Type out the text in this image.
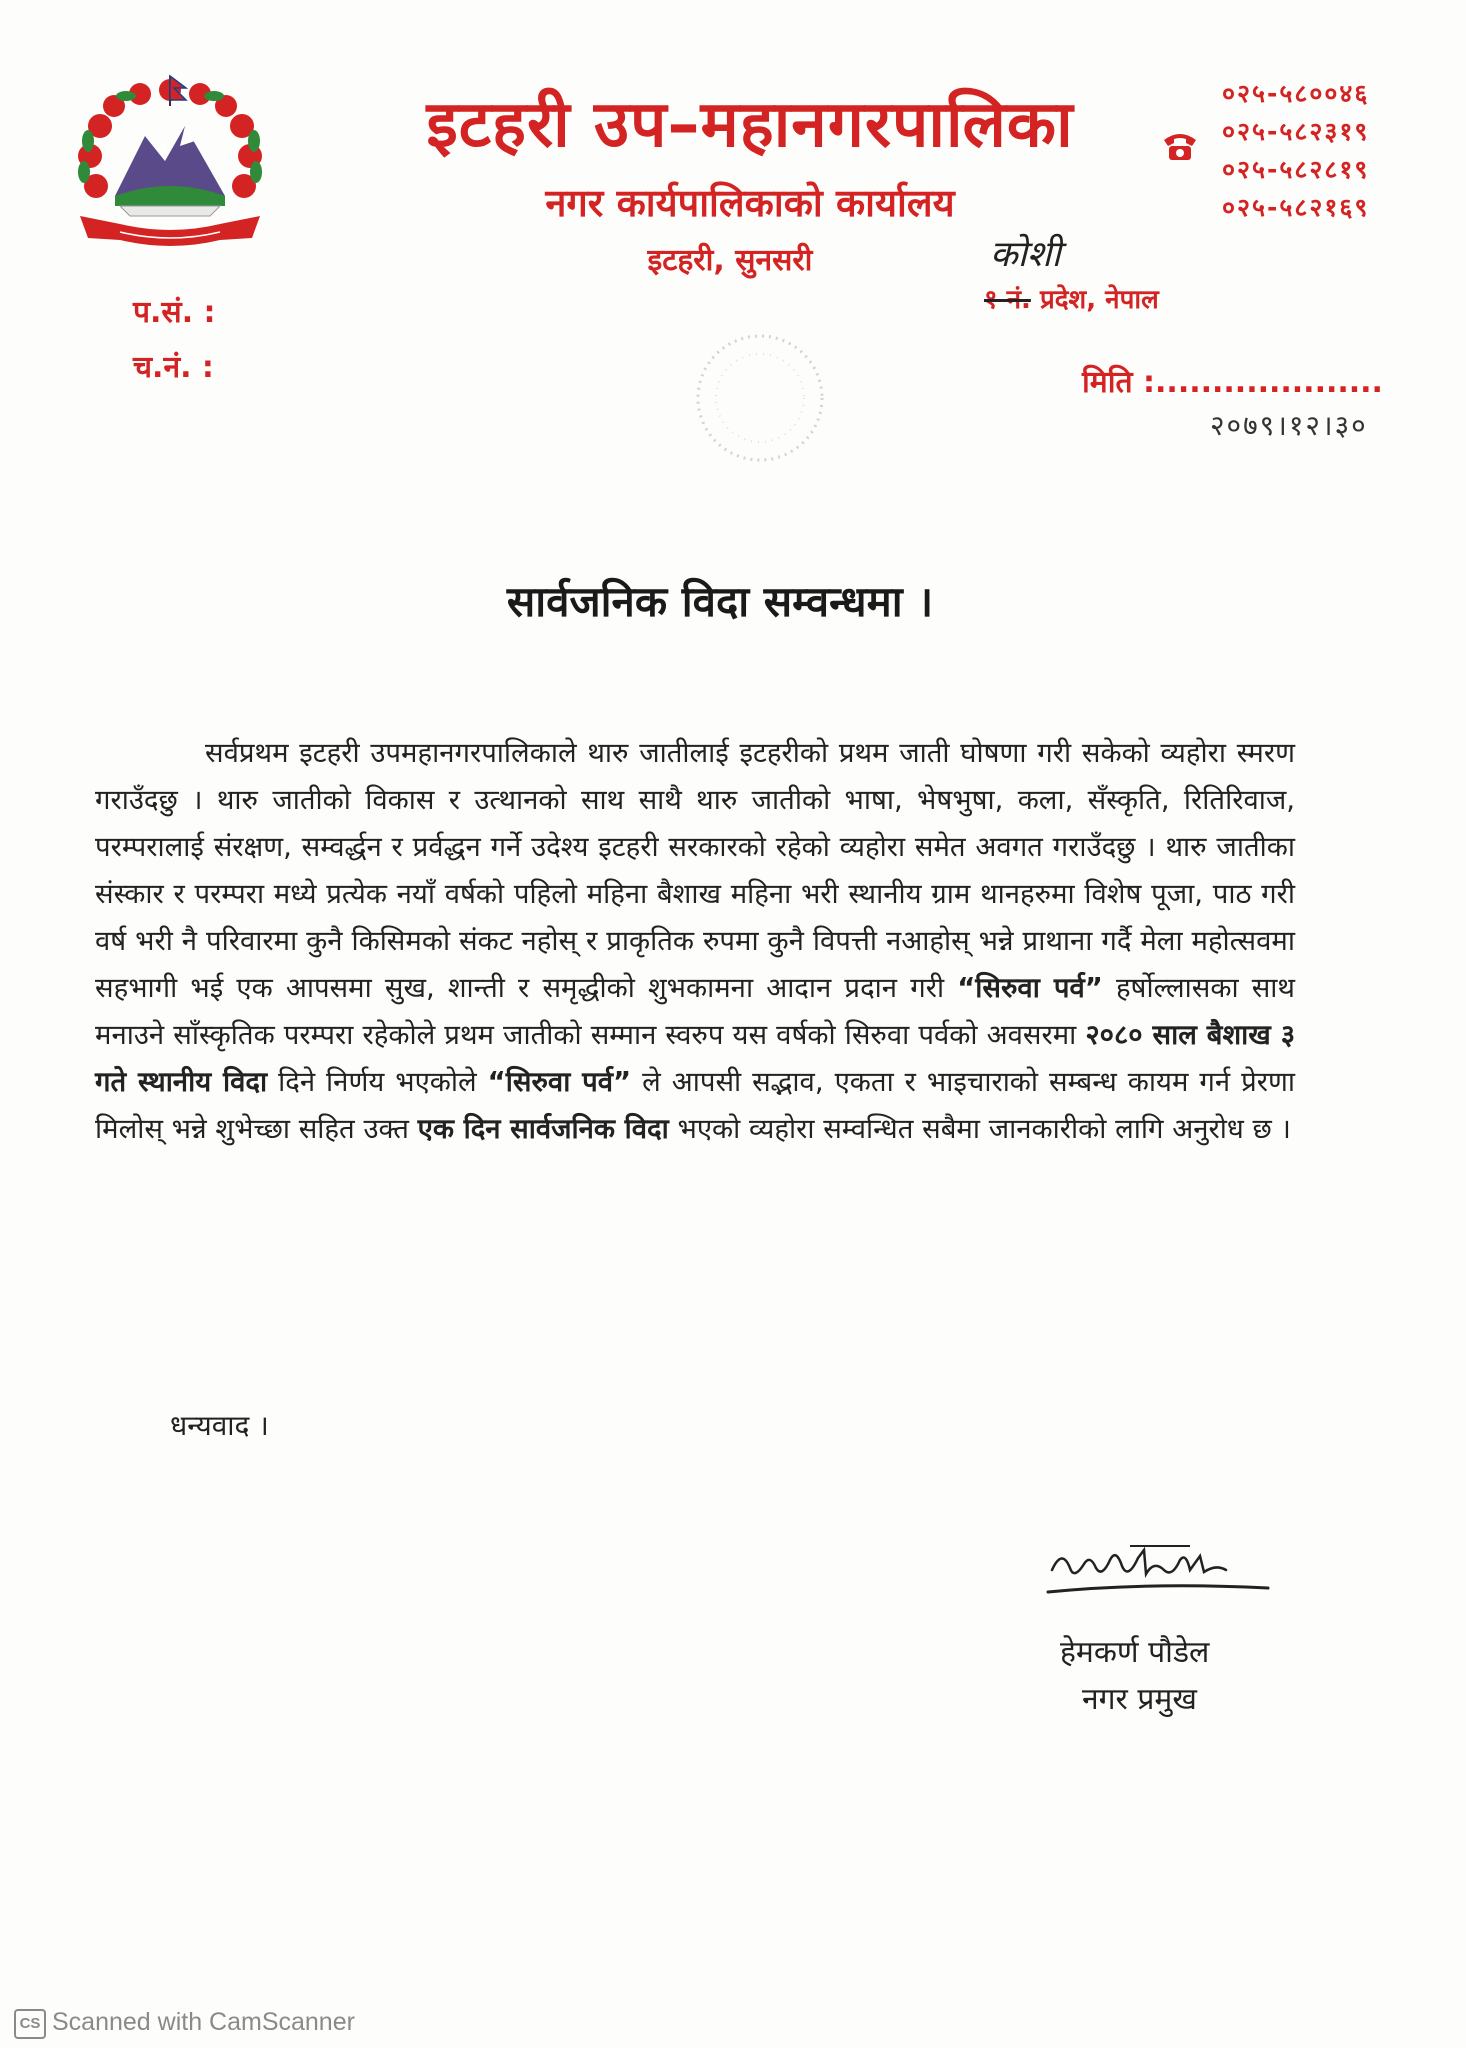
इटहरी उप–महानगरपालिका
नगर कार्यपालिकाको कार्यालय
इटहरी, सुनसरी
०२५-५८००४६
०२५-५८२३१९
०२५-५८२८१९
०२५-५८२१६९
कोशी
१ नं. प्रदेश, नेपाल
प.सं. :
च.नं. :	मिति :....................
२०७९।१२।३०
सार्वजनिक विदा सम्वन्धमा ।
सर्वप्रथम इटहरी उपमहानगरपालिकाले थारु जातीलाई इटहरीको प्रथम जाती घोषणा गरी सकेको व्यहोरा स्मरण गराउँदछु । थारु जातीको विकास र उत्थानको साथ साथै थारु जातीको भाषा, भेषभुषा, कला, सँस्कृति, रितिरिवाज, परम्परालाई संरक्षण, सम्वर्द्धन र प्रर्वद्धन गर्ने उदेश्य इटहरी सरकारको रहेको व्यहोरा समेत अवगत गराउँदछु । थारु जातीका संस्कार र परम्परा मध्ये प्रत्येक नयाँ वर्षको पहिलो महिना बैशाख महिना भरी स्थानीय ग्राम थानहरुमा विशेष पूजा, पाठ गरी वर्ष भरी नै परिवारमा कुनै किसिमको संकट नहोस् र प्राकृतिक रुपमा कुनै विपत्ती नआहोस् भन्ने प्राथाना गर्दै मेला महोत्सवमा सहभागी भई एक आपसमा सुख, शान्ती र समृद्धीको शुभकामना आदान प्रदान गरी “सिरुवा पर्व” हर्षोल्लासका साथ मनाउने साँस्कृतिक परम्परा रहेकोले प्रथम जातीको सम्मान स्वरुप यस वर्षको सिरुवा पर्वको अवसरमा २०८० साल बैशाख ३ गते स्थानीय विदा दिने निर्णय भएकोले “सिरुवा पर्व” ले आपसी सद्भाव, एकता र भाइचाराको सम्बन्ध कायम गर्न प्रेरणा मिलोस् भन्ने शुभेच्छा सहित उक्त एक दिन सार्वजनिक विदा भएको व्यहोरा सम्वन्धित सबैमा जानकारीको लागि अनुरोध छ ।
धन्यवाद ।
हेमकर्ण पौडेल
नगर प्रमुख
CS Scanned with CamScanner
